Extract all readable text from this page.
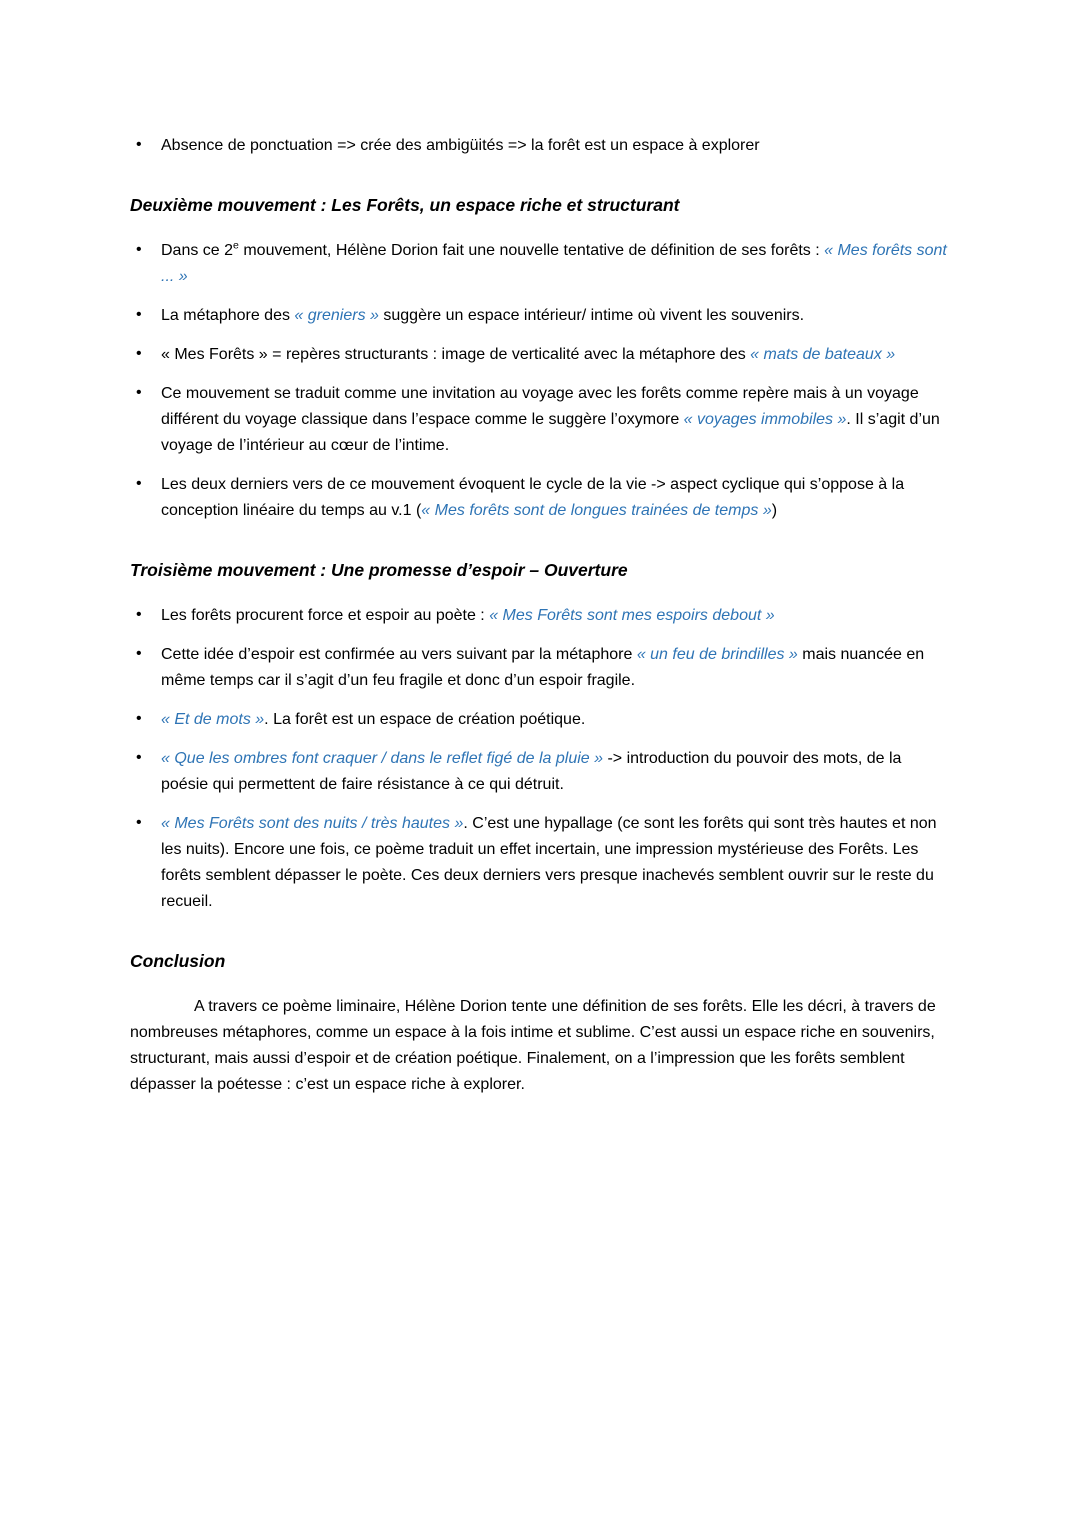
• Absence de ponctuation => crée des ambigüités => la forêt est un espace à explorer
Deuxième mouvement : Les Forêts, un espace riche et structurant
• Dans ce 2e mouvement, Hélène Dorion fait une nouvelle tentative de définition de ses forêts : « Mes forêts sont ... »
• La métaphore des « greniers » suggère un espace intérieur/ intime où vivent les souvenirs.
• « Mes Forêts » = repères structurants : image de verticalité avec la métaphore des « mats de bateaux »
• Ce mouvement se traduit comme une invitation au voyage avec les forêts comme repère mais à un voyage différent du voyage classique dans l’espace comme le suggère l’oxymore « voyages immobiles ». Il s’agit d’un voyage de l’intérieur au cœur de l’intime.
• Les deux derniers vers de ce mouvement évoquent le cycle de la vie -> aspect cyclique qui s’oppose à la conception linéaire du temps au v.1 (« Mes forêts sont de longues trainées de temps »)
Troisième mouvement : Une promesse d’espoir – Ouverture
• Les forêts procurent force et espoir au poète : « Mes Forêts sont mes espoirs debout »
• Cette idée d’espoir est confirmée au vers suivant par la métaphore « un feu de brindilles » mais nuancée en même temps car il s’agit d’un feu fragile et donc d’un espoir fragile.
• « Et de mots ». La forêt est un espace de création poétique.
• « Que les ombres font craquer / dans le reflet figé de la pluie » -> introduction du pouvoir des mots, de la poésie qui permettent de faire résistance à ce qui détruit.
• « Mes Forêts sont des nuits / très hautes ». C’est une hypallage (ce sont les forêts qui sont très hautes et non les nuits). Encore une fois, ce poème traduit un effet incertain, une impression mystérieuse des Forêts. Les forêts semblent dépasser le poète. Ces deux derniers vers presque inachevés semblent ouvrir sur le reste du recueil.
Conclusion

A travers ce poème liminaire, Hélène Dorion tente une définition de ses forêts. Elle les décri, à travers de nombreuses métaphores, comme un espace à la fois intime et sublime. C’est aussi un espace riche en souvenirs, structurant, mais aussi d’espoir et de création poétique. Finalement, on a l’impression que les forêts semblent dépasser la poétesse : c’est un espace riche à explorer.
